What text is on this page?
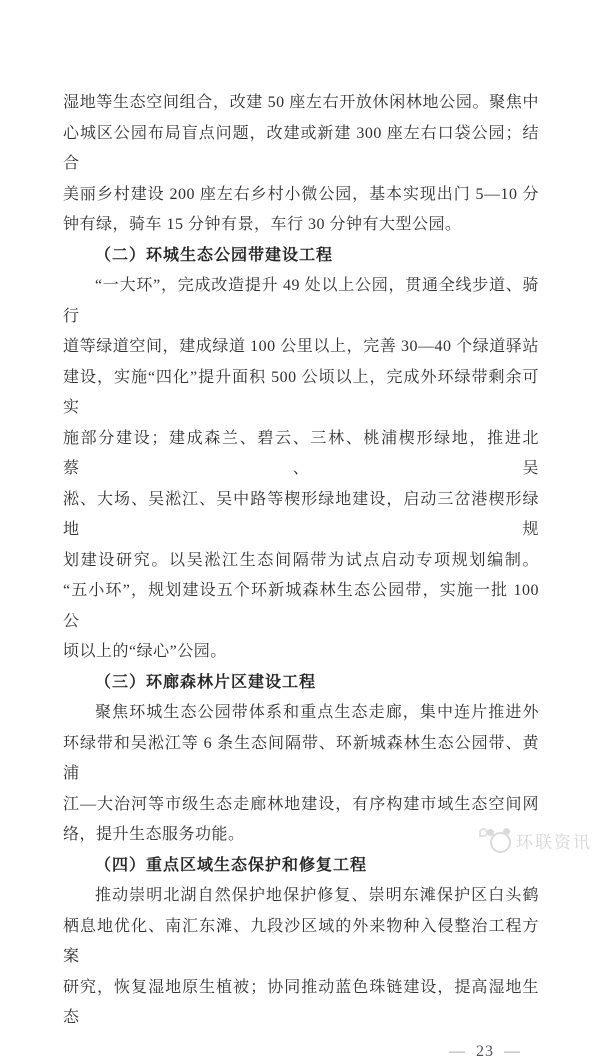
湿地等生态空间组合，改建 50 座左右开放休闲林地公园。聚焦中
心城区公园布局盲点问题，改建或新建 300 座左右口袋公园；结合
美丽乡村建设 200 座左右乡村小微公园，基本实现出门 5—10 分
钟有绿，骑车 15 分钟有景，车行 30 分钟有大型公园。
（二）环城生态公园带建设工程
“一大环”，完成改造提升 49 处以上公园，贯通全线步道、骑行
道等绿道空间，建成绿道 100 公里以上，完善 30—40 个绿道驿站
建设，实施“四化”提升面积 500 公顷以上，完成外环绿带剩余可实
施部分建设；建成森兰、碧云、三林、桃浦楔形绿地，推进北蔡、吴
淞、大场、吴淞江、吴中路等楔形绿地建设，启动三岔港楔形绿地规
划建设研究。以吴淞江生态间隔带为试点启动专项规划编制。
“五小环”，规划建设五个环新城森林生态公园带，实施一批 100 公
顷以上的“绿心”公园。
（三）环廊森林片区建设工程
聚焦环城生态公园带体系和重点生态走廊，集中连片推进外
环绿带和吴淞江等 6 条生态间隔带、环新城森林生态公园带、黄浦
江—大治河等市级生态走廊林地建设，有序构建市域生态空间网
络，提升生态服务功能。
（四）重点区域生态保护和修复工程
推动崇明北湖自然保护地保护修复、崇明东滩保护区白头鹤
栖息地优化、南汇东滩、九段沙区域的外来物种入侵整治工程方案
研究，恢复湿地原生植被；协同推动蓝色珠链建设，提高湿地生态
— 23 —
环联资讯
